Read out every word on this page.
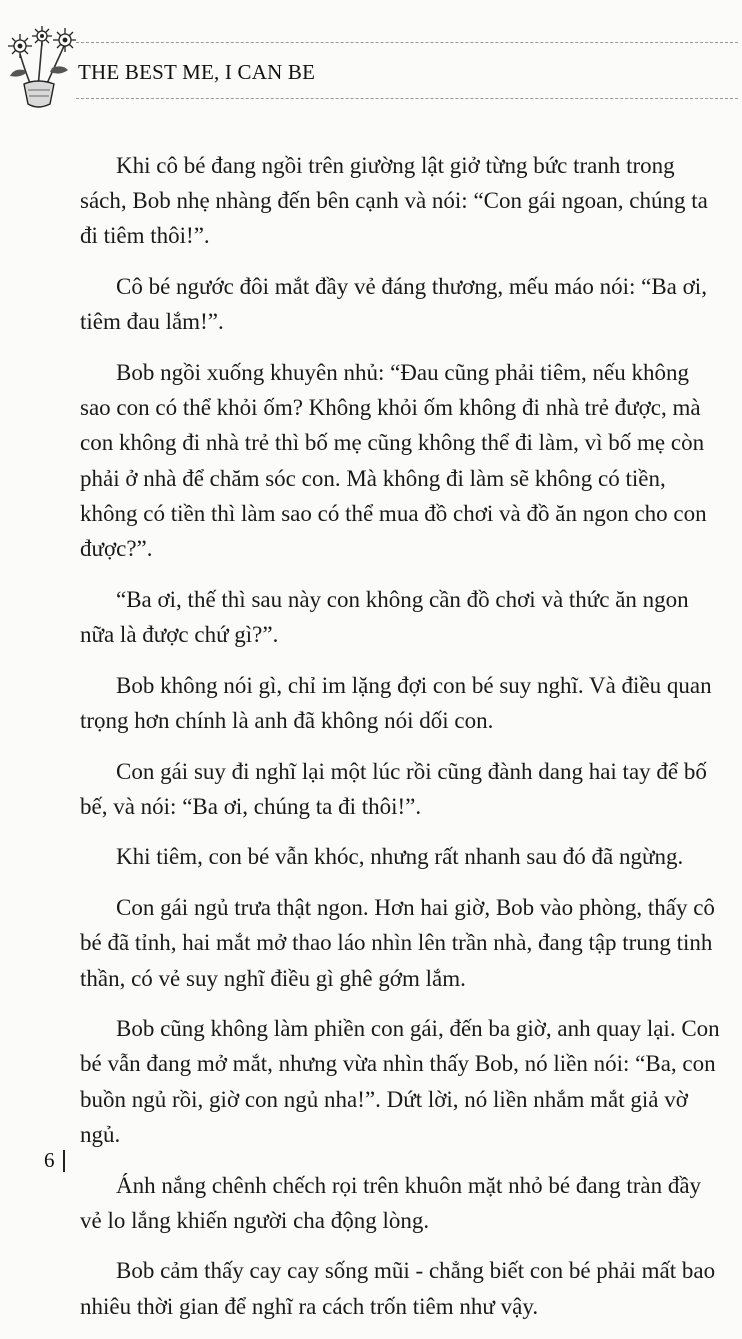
THE BEST ME, I CAN BE

Khi cô bé đang ngồi trên giường lật giở từng bức tranh trong sách, Bob nhẹ nhàng đến bên cạnh và nói: “Con gái ngoan, chúng ta đi tiêm thôi!”.

Cô bé ngước đôi mắt đầy vẻ đáng thương, mếu máo nói: “Ba ơi, tiêm đau lắm!”.

Bob ngồi xuống khuyên nhủ: “Đau cũng phải tiêm, nếu không sao con có thể khỏi ốm? Không khỏi ốm không đi nhà trẻ được, mà con không đi nhà trẻ thì bố mẹ cũng không thể đi làm, vì bố mẹ còn phải ở nhà để chăm sóc con. Mà không đi làm sẽ không có tiền, không có tiền thì làm sao có thể mua đồ chơi và đồ ăn ngon cho con được?”.

“Ba ơi, thế thì sau này con không cần đồ chơi và thức ăn ngon nữa là được chứ gì?”.

Bob không nói gì, chỉ im lặng đợi con bé suy nghĩ. Và điều quan trọng hơn chính là anh đã không nói dối con.

Con gái suy đi nghĩ lại một lúc rồi cũng đành dang hai tay để bố bế, và nói: “Ba ơi, chúng ta đi thôi!”.

Khi tiêm, con bé vẫn khóc, nhưng rất nhanh sau đó đã ngừng.

Con gái ngủ trưa thật ngon. Hơn hai giờ, Bob vào phòng, thấy cô bé đã tỉnh, hai mắt mở thao láo nhìn lên trần nhà, đang tập trung tinh thần, có vẻ suy nghĩ điều gì ghê gớm lắm.

Bob cũng không làm phiền con gái, đến ba giờ, anh quay lại. Con bé vẫn đang mở mắt, nhưng vừa nhìn thấy Bob, nó liền nói: “Ba, con buồn ngủ rồi, giờ con ngủ nha!”. Dứt lời, nó liền nhắm mắt giả vờ ngủ.

Ánh nắng chênh chếch rọi trên khuôn mặt nhỏ bé đang tràn đầy vẻ lo lắng khiến người cha động lòng.

Bob cảm thấy cay cay sống mũi - chẳng biết con bé phải mất bao nhiêu thời gian để nghĩ ra cách trốn tiêm như vậy.

6
